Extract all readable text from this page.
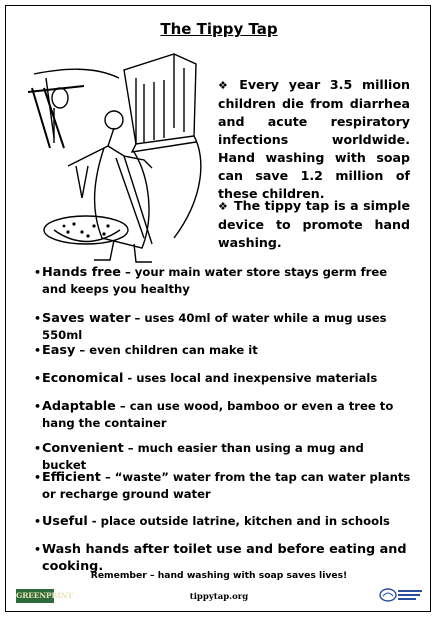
The Tippy Tap
❖ Every year 3.5 million children die from diarrhea and acute respiratory infections worldwide. Hand washing with soap can save 1.2 million of these children.
❖ The tippy tap is a simple device to promote hand washing.
• Hands free – your main water store stays germ free and keeps you healthy
• Saves water – uses 40ml of water while a mug uses 550ml
• Easy – even children can make it
• Economical - uses local and inexpensive materials
• Adaptable – can use wood, bamboo or even a tree to hang the container
• Convenient – much easier than using a mug and bucket
• Efficient – “waste” water from the tap can water plants or recharge ground water
• Useful - place outside latrine, kitchen and in schools
• Wash hands after toilet use and before eating and cooking.
Remember – hand washing with soap saves lives!
GREENPRINT	tippytap.org
